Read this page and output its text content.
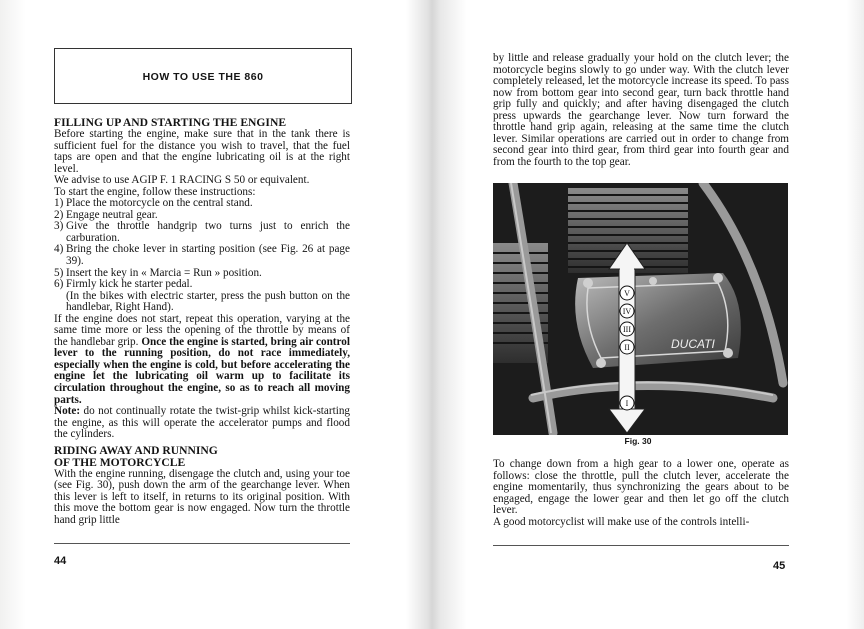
HOW TO USE THE 860
FILLING UP AND STARTING THE ENGINE

Before starting the engine, make sure that in the tank there is sufficient fuel for the distance you wish to travel, that the fuel taps are open and that the engine lubricating oil is at the right level.

We advise to use AGIP F. 1 RACING S 50 or equivalent.

To start the engine, follow these instructions:

1) Place the motorcycle on the central stand.
2) Engage neutral gear.
3) Give the throttle handgrip two turns just to enrich the carburation.
4) Bring the choke lever in starting position (see Fig. 26 at page 39).
5) Insert the key in « Marcia = Run » position.
6) Firmly kick he starter pedal.
(In the bikes with electric starter, press the push button on the handlebar, Right Hand).

If the engine does not start, repeat this operation, varying at the same time more or less the opening of the throttle by means of the handlebar grip. Once the engine is started, bring air control lever to the running position, do not race immediately, especially when the engine is cold, but before accelerating the engine let the lubricating oil warm up to facilitate its circulation throughout the engine, so as to reach all moving parts.

Note: do not continually rotate the twist-grip whilst kick-starting the engine, as this will operate the accelerator pumps and flood the cylinders.

RIDING AWAY AND RUNNING
OF THE MOTORCYCLE

With the engine running, disengage the clutch and, using your toe (see Fig. 30), push down the arm of the gearchange lever. When this lever is left to itself, in returns to its original position. With this move the bottom gear is now engaged. Now turn the throttle hand grip little

44

by little and release gradually your hold on the clutch lever; the motorcycle begins slowly to go under way. With the clutch lever completely released, let the motorcycle increase its speed. To pass now from bottom gear into second gear, turn back throttle hand grip fully and quickly; and after having disengaged the clutch press upwards the gearchange lever. Now turn forward the throttle hand grip again, releasing at the same time the clutch lever. Similar operations are carried out in order to change from second gear into third gear, from third gear into fourth gear and from the fourth to the top gear.

DUCATI
V
IV
III
II
I
Fig. 30

To change down from a high gear to a lower one, operate as follows: close the throttle, pull the clutch lever, accelerate the engine momentarily, thus synchronizing the gears about to be engaged, engage the lower gear and then let go off the clutch lever.

A good motorcyclist will make use of the controls intelli-

45
